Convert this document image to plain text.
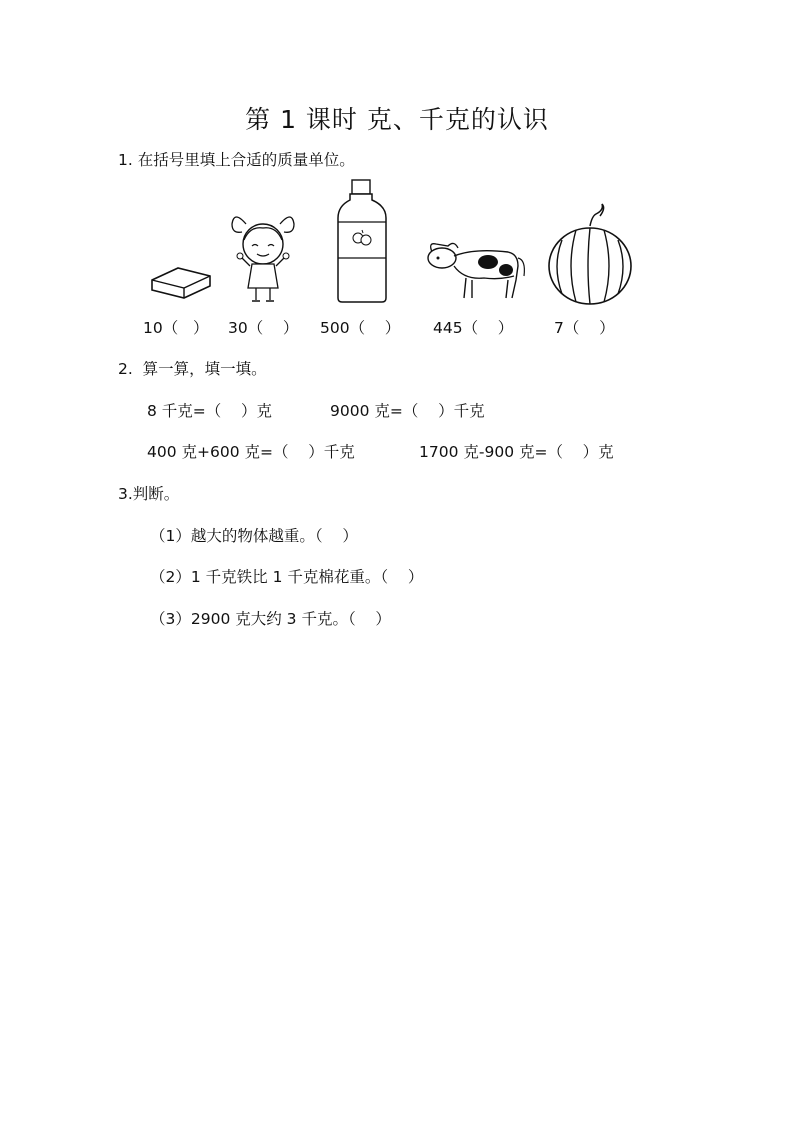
第 1 课时 克、千克的认识
1. 在括号里填上合适的质量单位。
10（   ） 30（    ） 500（    ） 445（    ）	7（    ）
2.  算一算，填一填。
8 千克=（    ）克	9000 克=（    ）千克
400 克+600 克=（    ）千克	1700 克-900 克=（    ）克
3.判断。
（1）越大的物体越重。（    ）
（2）1 千克铁比 1 千克棉花重。（    ）
（3）2900 克大约 3 千克。（    ）
